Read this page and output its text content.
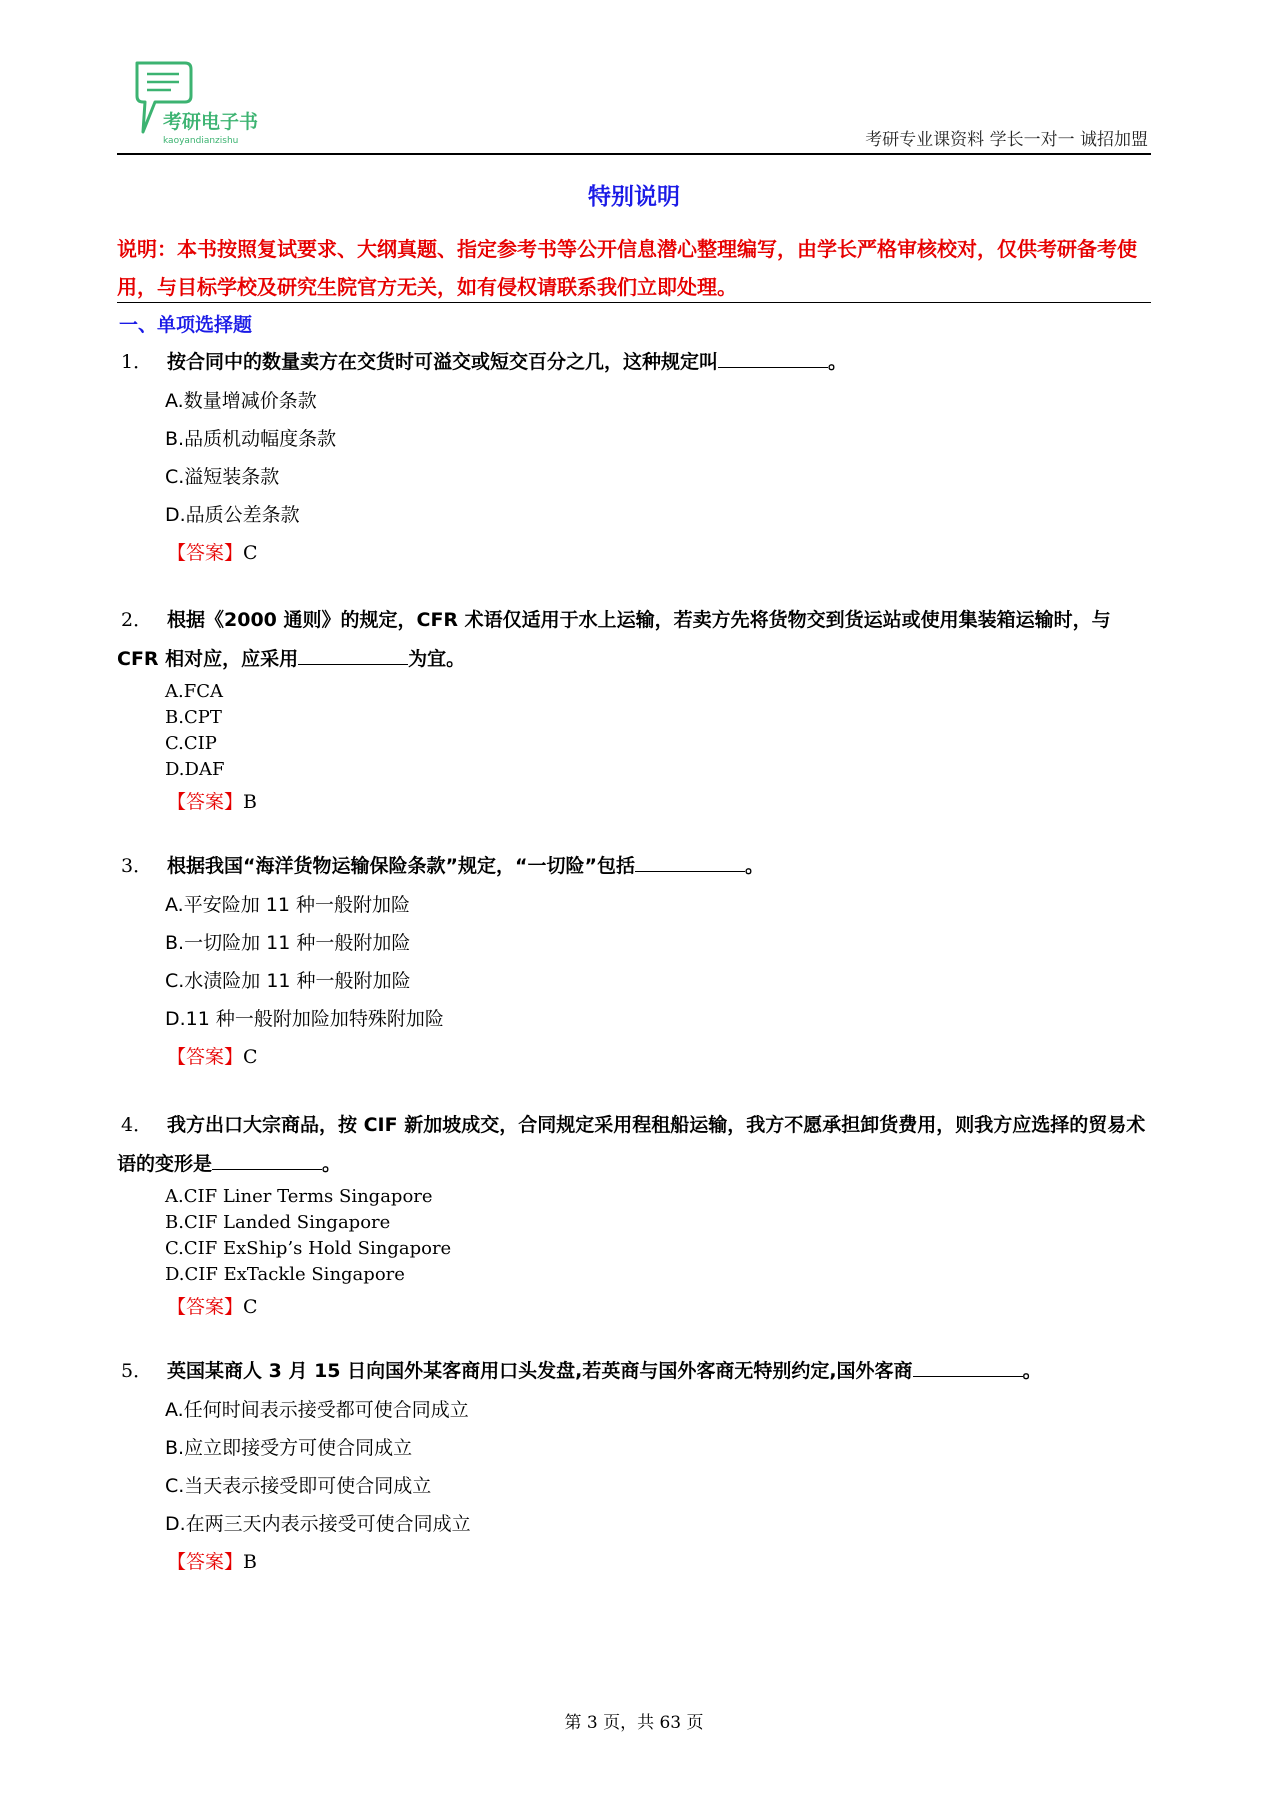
考研电子书
kaoyandianzishu	考研专业课资料 学长一对一 诚招加盟
特别说明
说明：本书按照复试要求、大纲真题、指定参考书等公开信息潜心整理编写，由学长严格审核校对，仅供考研备考使用，与目标学校及研究生院官方无关，如有侵权请联系我们立即处理。
一、单项选择题
1． 按合同中的数量卖方在交货时可溢交或短交百分之几，这种规定叫	。
A.数量增减价条款
B.品质机动幅度条款
C.溢短装条款
D.品质公差条款
【答案】C
2． 根据《2000 通则》的规定，CFR 术语仅适用于水上运输，若卖方先将货物交到货运站或使用集装箱运输时，与 CFR 相对应，应采用	为宜。
A.FCA
B.CPT
C.CIP
D.DAF
【答案】B
3． 根据我国“海洋货物运输保险条款”规定，“一切险”包括	。
A.平安险加 11 种一般附加险
B.一切险加 11 种一般附加险
C.水渍险加 11 种一般附加险
D.11 种一般附加险加特殊附加险
【答案】C
4． 我方出口大宗商品，按 CIF 新加坡成交，合同规定采用程租船运输，我方不愿承担卸货费用，则我方应选择的贸易术语的变形是	。
A.CIF Liner Terms Singapore
B.CIF Landed Singapore
C.CIF ExShip’s Hold Singapore
D.CIF ExTackle Singapore
【答案】C
5． 英国某商人 3 月 15 日向国外某客商用口头发盘,若英商与国外客商无特别约定,国外客商	。
A.任何时间表示接受都可使合同成立
B.应立即接受方可使合同成立
C.当天表示接受即可使合同成立
D.在两三天内表示接受可使合同成立
【答案】B
第 3 页，共 63 页
